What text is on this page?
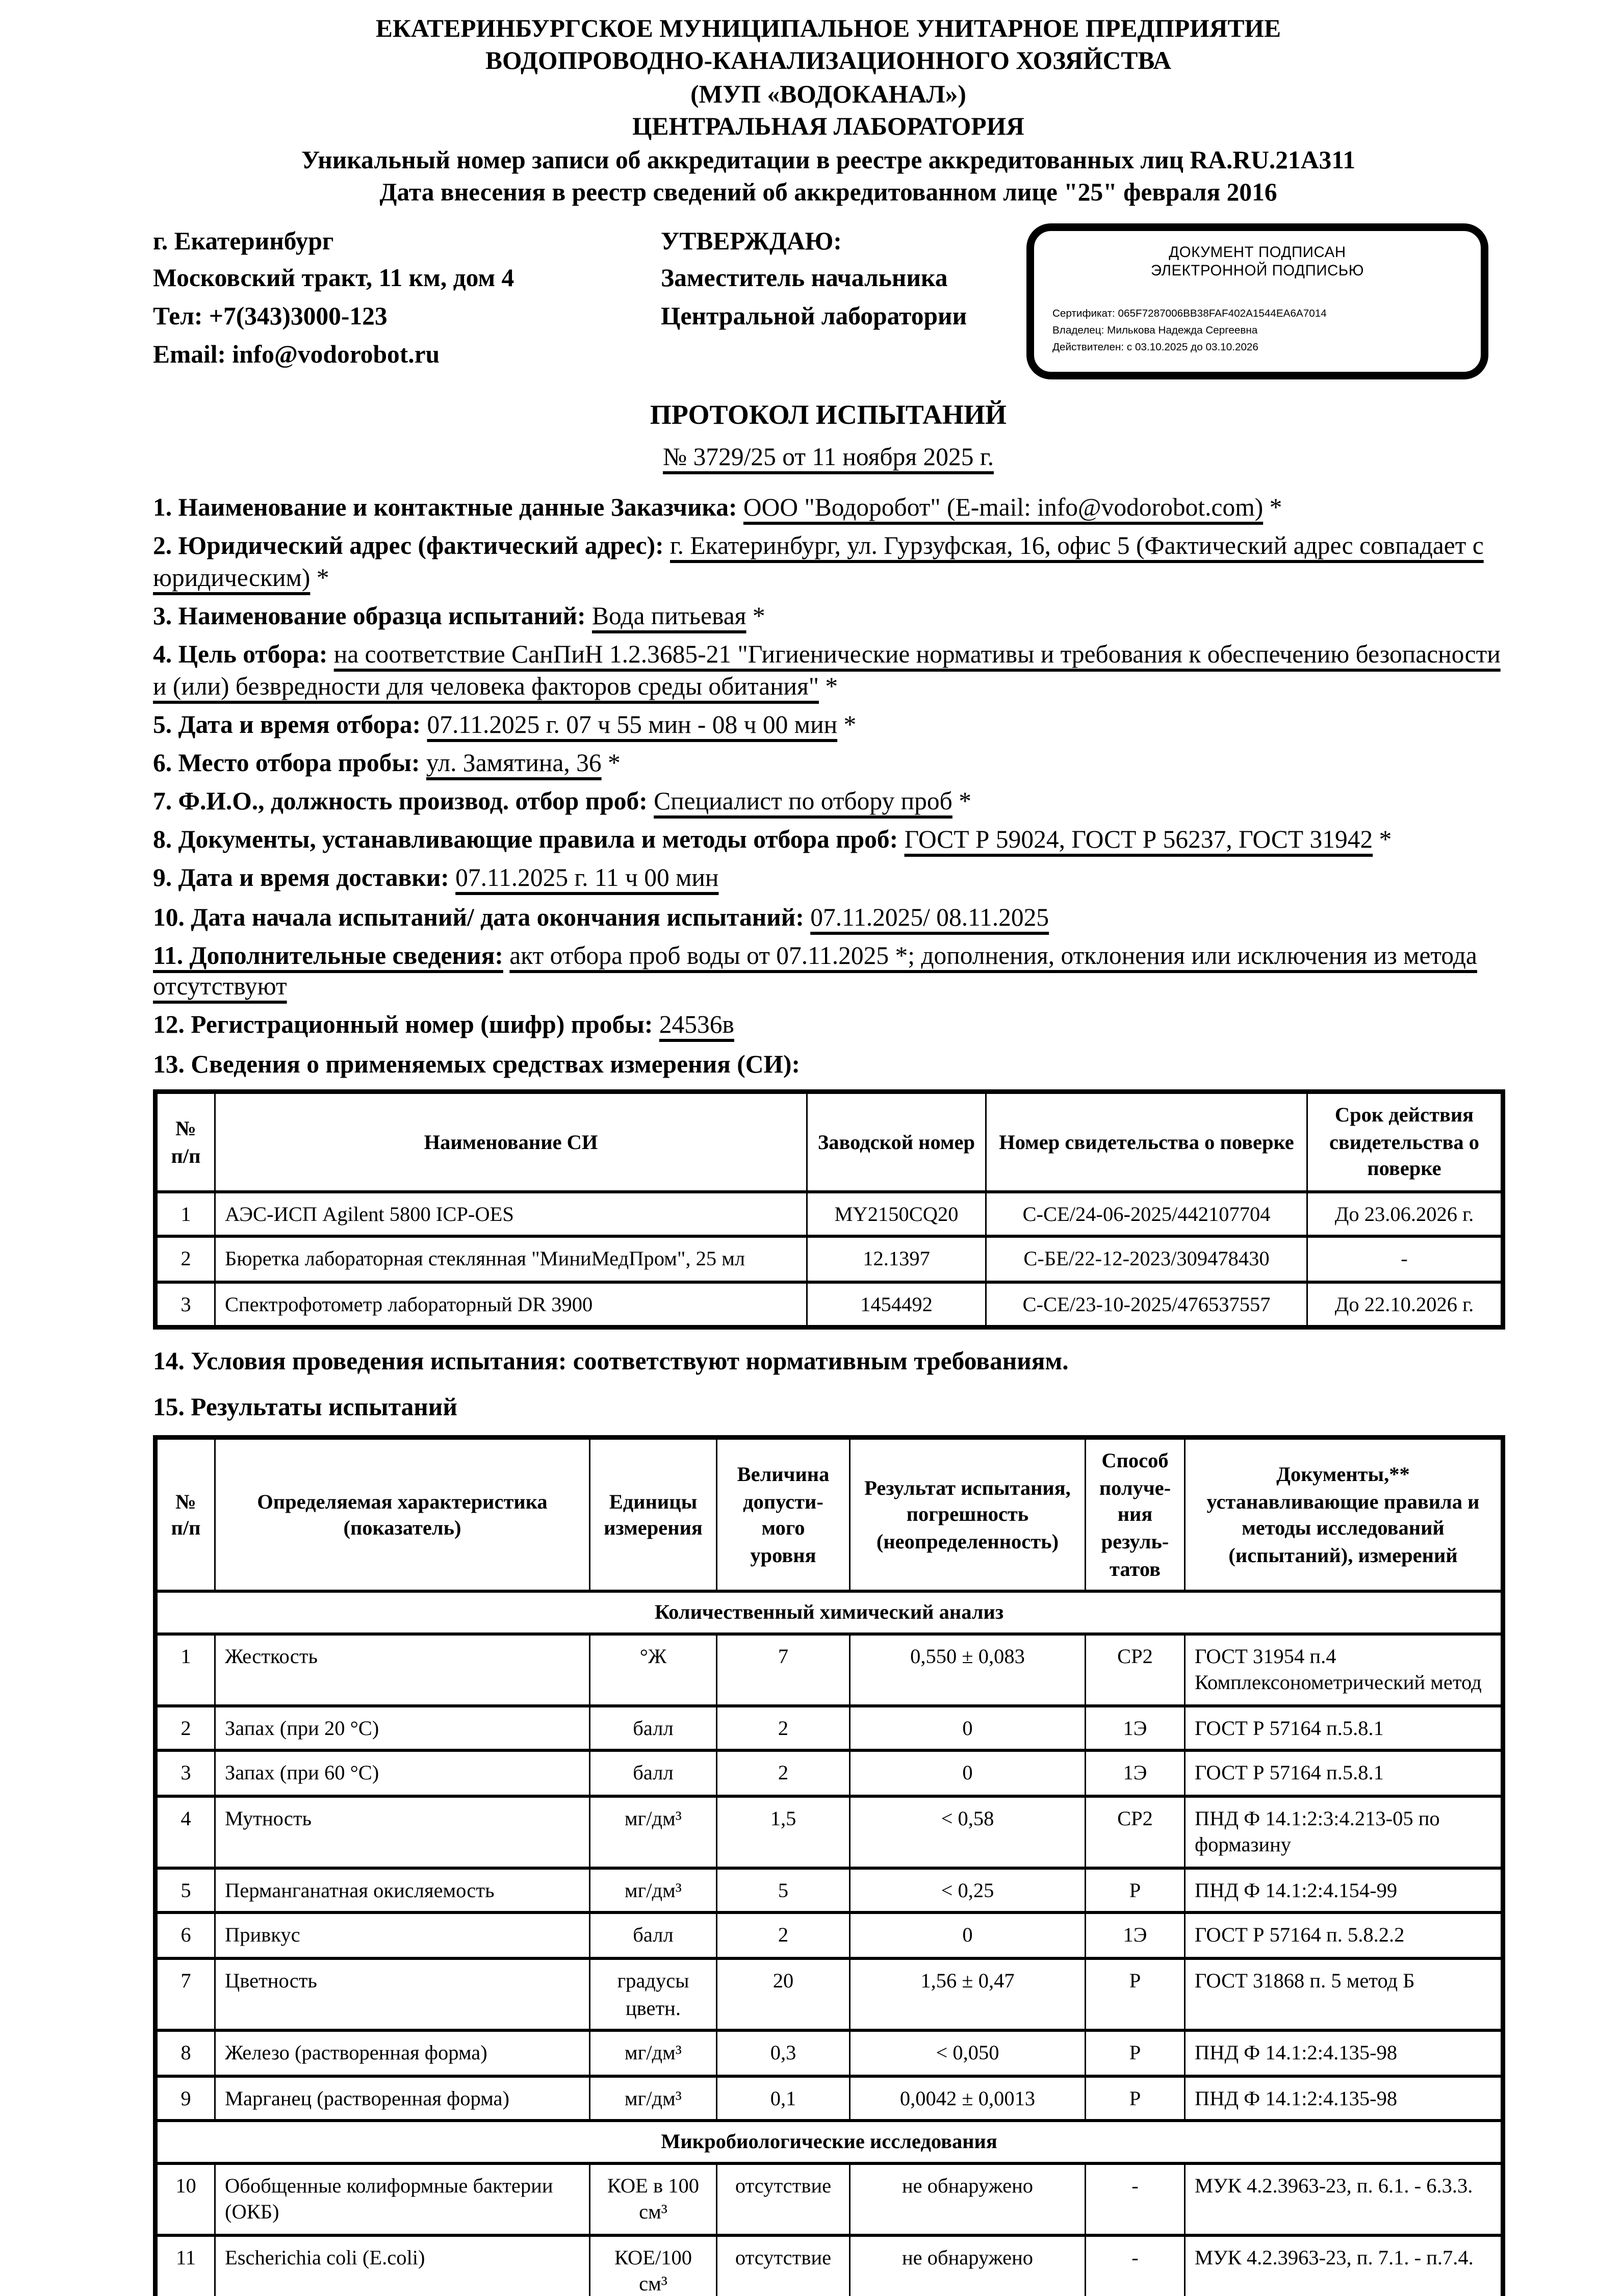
ЕКАТЕРИНБУРГСКОЕ МУНИЦИПАЛЬНОЕ УНИТАРНОЕ ПРЕДПРИЯТИЕ

ВОДОПРОВОДНО-КАНАЛИЗАЦИОННОГО ХОЗЯЙСТВА

(МУП «ВОДОКАНАЛ»)

ЦЕНТРАЛЬНАЯ ЛАБОРАТОРИЯ

Уникальный номер записи об аккредитации в реестре аккредитованных лиц RA.RU.21А311

Дата внесения в реестр сведений об аккредитованном лице "25" февраля 2016

г. Екатеринбург

Московский тракт, 11 км, дом 4

Тел: +7(343)3000-123

Email: info@vodorobot.ru

УТВЕРЖДАЮ:

Заместитель начальника

Центральной лаборатории

ДОКУМЕНТ ПОДПИСАН
ЭЛЕКТРОННОЙ ПОДПИСЬЮ
Сертификат: 065F7287006BB38FAF402A1544EA6A7014
Владелец: Милькова Надежда Сергеевна
Действителен: с 03.10.2025 до 03.10.2026
ПРОТОКОЛ ИСПЫТАНИЙ
№ 3729/25 от 11 ноября 2025 г.

1. Наименование и контактные данные Заказчика: ООО "Водоробот" (E-mail: info@vodorobot.com) *

2. Юридический адрес (фактический адрес): г. Екатеринбург, ул. Гурзуфская, 16, офис 5 (Фактический адрес совпадает с юридическим) *

3. Наименование образца испытаний: Вода питьевая *

4. Цель отбора: на соответствие СанПиН 1.2.3685-21 "Гигиенические нормативы и требования к обеспечению безопасности и (или) безвредности для человека факторов среды обитания" *

5. Дата и время отбора: 07.11.2025 г. 07 ч 55 мин - 08 ч 00 мин *

6. Место отбора пробы: ул. Замятина, 36 *

7. Ф.И.О., должность производ. отбор проб: Специалист по отбору проб *

8. Документы, устанавливающие правила и методы отбора проб: ГОСТ Р 59024, ГОСТ Р 56237, ГОСТ 31942 *

9. Дата и время доставки: 07.11.2025 г. 11 ч 00 мин

10. Дата начала испытаний/ дата окончания испытаний: 07.11.2025/ 08.11.2025

11. Дополнительные сведения: акт отбора проб воды от 07.11.2025 *; дополнения, отклонения или исключения из метода отсутствуют

12. Регистрационный номер (шифр) пробы: 24536в

13. Сведения о применяемых средствах измерения (СИ):

№ п/п	Наименование СИ	Заводской номер	Номер свидетельства о поверке	Срок действия свидетельства о поверке
1	АЭС-ИСП Agilent 5800 ICP-OES	MY2150CQ20	С-СЕ/24-06-2025/442107704	До 23.06.2026 г.
2	Бюретка лабораторная стеклянная "МиниМедПром", 25 мл	12.1397	С-БЕ/22-12-2023/309478430	-
3	Спектрофотометр лабораторный DR 3900	1454492	С-СЕ/23-10-2025/476537557	До 22.10.2026 г.

14. Условия проведения испытания: соответствуют нормативным требованиям.

15. Результаты испытаний

№ п/п	Определяемая характеристика (показатель)	Единицы измерения	Величина допустимого уровня	Результат испытания, погрешность (неопределенность)	Способ получения результатов	Документы,** устанавливающие правила и методы исследований (испытаний), измерений
Количественный химический анализ						
1	Жесткость	°Ж	7	0,550 ± 0,083	СР2	ГОСТ 31954 п.4 Комплексонометрический метод
2	Запах (при 20 °С)	балл	2	0	1Э	ГОСТ Р 57164 п.5.8.1
3	Запах (при 60 °С)	балл	2	0	1Э	ГОСТ Р 57164 п.5.8.1
4	Мутность	мг/дм³	1,5	< 0,58	СР2	ПНД Ф 14.1:2:3:4.213-05 по формазину
5	Перманганатная окисляемость	мг/дм³	5	< 0,25	Р	ПНД Ф 14.1:2:4.154-99
6	Привкус	балл	2	0	1Э	ГОСТ Р 57164 п. 5.8.2.2
7	Цветность	градусы цветн.	20	1,56 ± 0,47	Р	ГОСТ 31868 п. 5 метод Б
8	Железо (растворенная форма)	мг/дм³	0,3	< 0,050	Р	ПНД Ф 14.1:2:4.135-98
9	Марганец (растворенная форма)	мг/дм³	0,1	0,0042 ± 0,0013	Р	ПНД Ф 14.1:2:4.135-98
Микробиологические исследования						
10	Обобщенные колиформные бактерии (ОКБ)	КОЕ в 100 см³	отсутствие	не обнаружено	-	МУК 4.2.3963-23, п. 6.1. - 6.3.3.
11	Escherichia coli (E.coli)	КОЕ/100 см³	отсутствие	не обнаружено	-	МУК 4.2.3963-23, п. 7.1. - п.7.4.
